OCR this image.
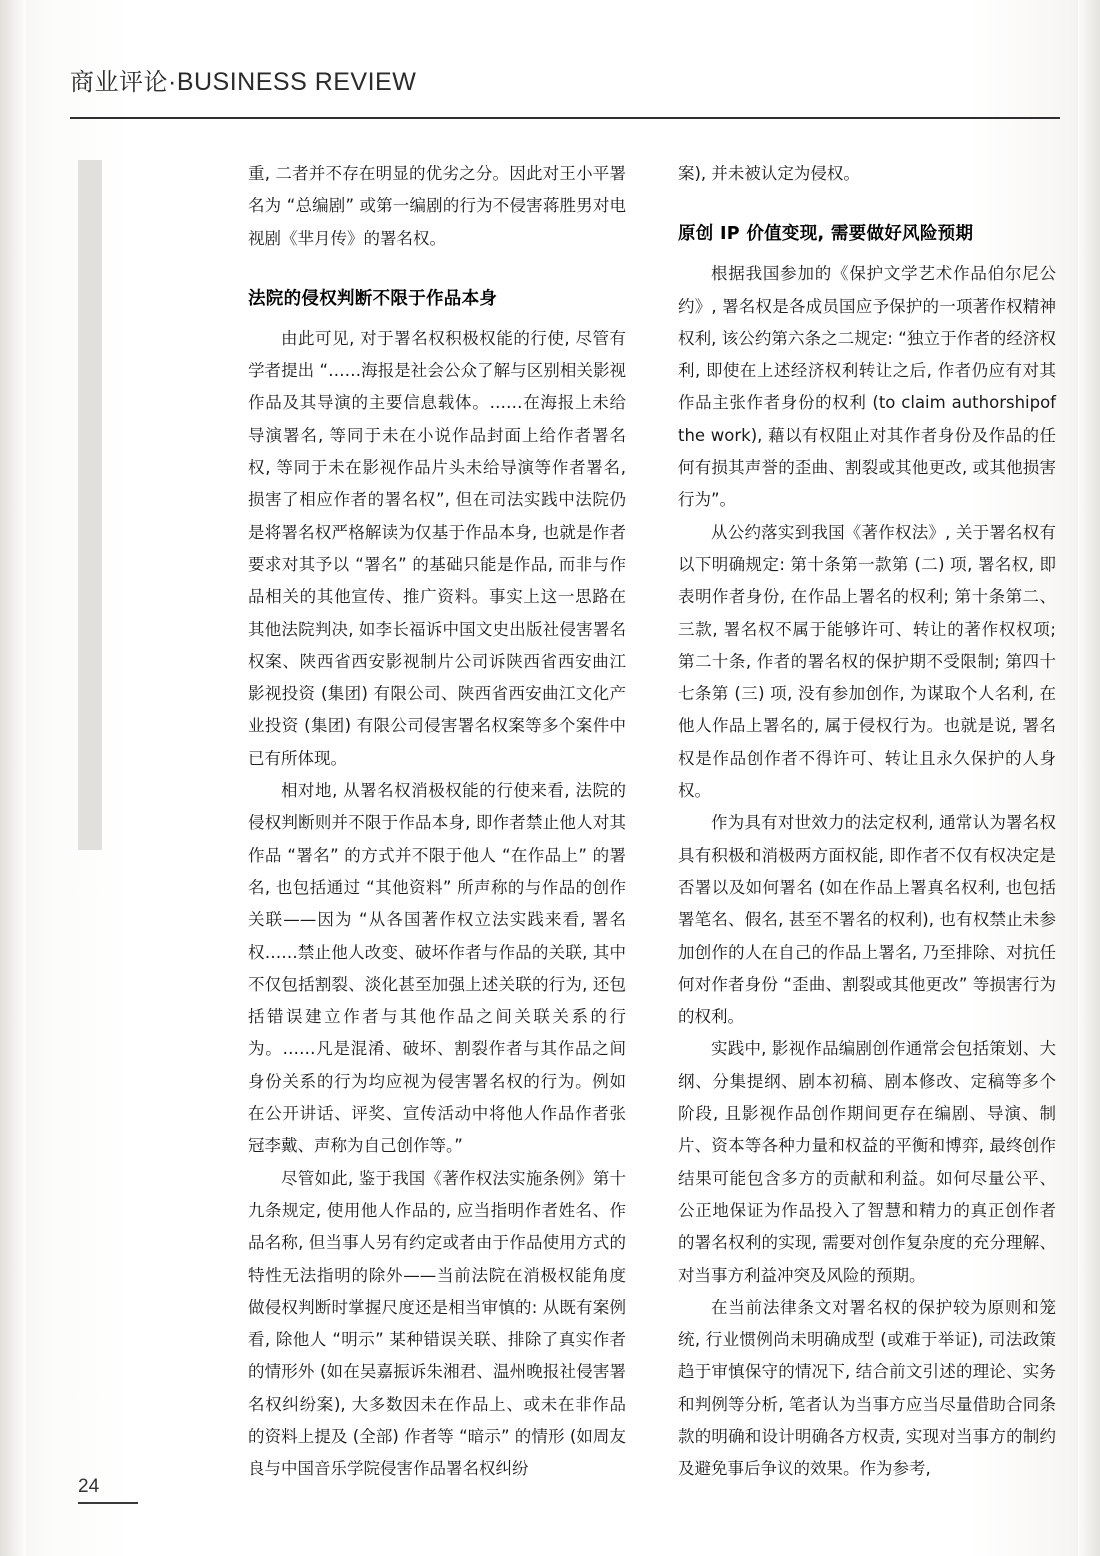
商业评论·BUSINESS REVIEW

重, 二者并不存在明显的优劣之分。因此对王小平署名为 “总编剧” 或第一编剧的行为不侵害蒋胜男对电视剧《芈月传》的署名权。

法院的侵权判断不限于作品本身

由此可见, 对于署名权积极权能的行使, 尽管有学者提出 “……海报是社会公众了解与区别相关影视作品及其导演的主要信息载体。……在海报上未给导演署名, 等同于未在小说作品封面上给作者署名权, 等同于未在影视作品片头未给导演等作者署名, 损害了相应作者的署名权”, 但在司法实践中法院仍是将署名权严格解读为仅基于作品本身, 也就是作者要求对其予以 “署名” 的基础只能是作品, 而非与作品相关的其他宣传、推广资料。事实上这一思路在其他法院判决, 如李长福诉中国文史出版社侵害署名权案、陕西省西安影视制片公司诉陕西省西安曲江影视投资 (集团) 有限公司、陕西省西安曲江文化产业投资 (集团) 有限公司侵害署名权案等多个案件中已有所体现。

相对地, 从署名权消极权能的行使来看, 法院的侵权判断则并不限于作品本身, 即作者禁止他人对其作品 “署名” 的方式并不限于他人 “在作品上” 的署名, 也包括通过 “其他资料” 所声称的与作品的创作关联——因为 “从各国著作权立法实践来看, 署名权……禁止他人改变、破坏作者与作品的关联, 其中不仅包括割裂、淡化甚至加强上述关联的行为, 还包括错误建立作者与其他作品之间关联关系的行为。……凡是混淆、破坏、割裂作者与其作品之间身份关系的行为均应视为侵害署名权的行为。例如在公开讲话、评奖、宣传活动中将他人作品作者张冠李戴、声称为自己创作等。”

尽管如此, 鉴于我国《著作权法实施条例》第十九条规定, 使用他人作品的, 应当指明作者姓名、作品名称, 但当事人另有约定或者由于作品使用方式的特性无法指明的除外——当前法院在消极权能角度做侵权判断时掌握尺度还是相当审慎的: 从既有案例看, 除他人 “明示” 某种错误关联、排除了真实作者的情形外 (如在吴嘉振诉朱湘君、温州晚报社侵害署名权纠纷案), 大多数因未在作品上、或未在非作品的资料上提及 (全部) 作者等 “暗示” 的情形 (如周友良与中国音乐学院侵害作品署名权纠纷

案), 并未被认定为侵权。

原创 IP 价值变现, 需要做好风险预期

根据我国参加的《保护文学艺术作品伯尔尼公约》, 署名权是各成员国应予保护的一项著作权精神权利, 该公约第六条之二规定: “独立于作者的经济权利, 即使在上述经济权利转让之后, 作者仍应有对其作品主张作者身份的权利 (to claim authorshipof the work), 藉以有权阻止对其作者身份及作品的任何有损其声誉的歪曲、割裂或其他更改, 或其他损害行为”。

从公约落实到我国《著作权法》, 关于署名权有以下明确规定: 第十条第一款第 (二) 项, 署名权, 即表明作者身份, 在作品上署名的权利; 第十条第二、三款, 署名权不属于能够许可、转让的著作权权项; 第二十条, 作者的署名权的保护期不受限制; 第四十七条第 (三) 项, 没有参加创作, 为谋取个人名利, 在他人作品上署名的, 属于侵权行为。也就是说, 署名权是作品创作者不得许可、转让且永久保护的人身权。

作为具有对世效力的法定权利, 通常认为署名权具有积极和消极两方面权能, 即作者不仅有权决定是否署以及如何署名 (如在作品上署真名权利, 也包括署笔名、假名, 甚至不署名的权利), 也有权禁止未参加创作的人在自己的作品上署名, 乃至排除、对抗任何对作者身份 “歪曲、割裂或其他更改” 等损害行为的权利。

实践中, 影视作品编剧创作通常会包括策划、大纲、分集提纲、剧本初稿、剧本修改、定稿等多个阶段, 且影视作品创作期间更存在编剧、导演、制片、资本等各种力量和权益的平衡和博弈, 最终创作结果可能包含多方的贡献和利益。如何尽量公平、公正地保证为作品投入了智慧和精力的真正创作者的署名权利的实现, 需要对创作复杂度的充分理解、对当事方利益冲突及风险的预期。

在当前法律条文对署名权的保护较为原则和笼统, 行业惯例尚未明确成型 (或难于举证), 司法政策趋于审慎保守的情况下, 结合前文引述的理论、实务和判例等分析, 笔者认为当事方应当尽量借助合同条款的明确和设计明确各方权责, 实现对当事方的制约及避免事后争议的效果。作为参考,

24
